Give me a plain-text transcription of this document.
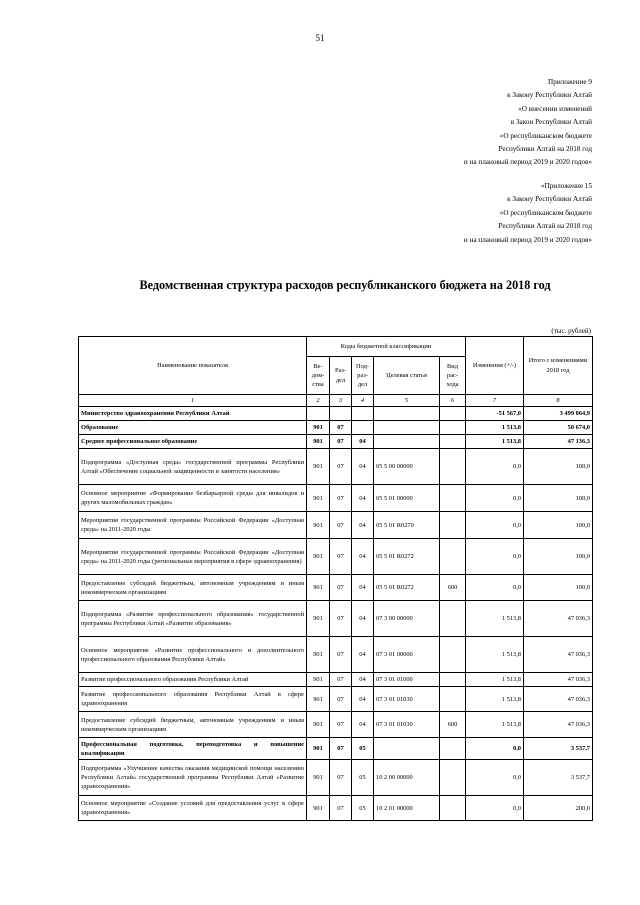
51
Приложение 9
к Закону Республики Алтай
«О внесении изменений
в Закон Республики Алтай
«О республиканском бюджете
Республики Алтай на 2018 год
и на плановый период 2019 и 2020 годов»
«Приложение 15
к Закону Республики Алтай
«О республиканском бюджете
Республики Алтай на 2018 год
и на плановый период 2019 и 2020 годов»
Ведомственная структура расходов республиканского бюджета на 2018 год
(тыс. рублей)
Наименование показателя	Коды бюджетной классификации					Изменения (+/-)	Итого с изменениями 2018 год
	Ве-дом-ства	Раз-дел	Под-раз-дел	Целевая статья	Вид рас-хода		
1	2	3	4	5	6	7	8
Министерство здравоохранения Республики Алтай						-51 567,0	3 499 064,9
Образование	901	07				1 513,8	50 674,0
Среднее профессиональное образование	901	07	04			1 513,8	47 136,3
Подпрограмма «Доступная среда» государственной программы Республики Алтай «Обеспечение социальной защищенности и занятости населения»	901	07	04	05 5 00 00000		0,0	100,0
Основное мероприятие «Формирование безбарьерной среды для инвалидов и других маломобильных граждан»	901	07	04	05 5 01 00000		0,0	100,0
Мероприятия государственной программы Российской Федерации «Доступная среда» на 2011-2020 годы	901	07	04	05 5 01 R0270		0,0	100,0
Мероприятия государственной программы Российской Федерации «Доступная среда» на 2011-2020 годы (региональные мероприятия в сфере здравоохранения)	901	07	04	05 5 01 R0272		0,0	100,0
Предоставление субсидий бюджетным, автономным учреждениям и иным некоммерческим организациям	901	07	04	05 5 01 R0272	600	0,0	100,0
Подпрограмма «Развитие профессионального образования» государственной программы Республики Алтай «Развитие образования»	901	07	04	07 3 00 00000		1 513,8	47 036,3
Основное мероприятие «Развитие профессионального и дополнительного профессионального образования Республики Алтай»	901	07	04	07 3 01 00000		1 513,8	47 036,3
Развитие профессионального образования Республики Алтай	901	07	04	07 3 01 01000		1 513,8	47 036,3
Развитие профессионального образования Республики Алтай в сфере здравоохранения	901	07	04	07 3 01 01030		1 513,8	47 036,3
Предоставление субсидий бюджетным, автономным учреждениям и иным некоммерческим организациям	901	07	04	07 3 01 01030	600	1 513,8	47 036,3
Профессиональная подготовка, переподготовка и повышение квалификации	901	07	05			0,0	3 537,7
Подпрограмма «Улучшение качества оказания медицинской помощи населению Республики Алтай» государственной программы Республики Алтай «Развитие здравоохранения»	901	07	05	10 2 00 00000		0,0	3 537,7
Основное мероприятие «Создание условий для предоставления услуг в сфере здравоохранения»	901	07	05	10 2 01 00000		0,0	200,0
